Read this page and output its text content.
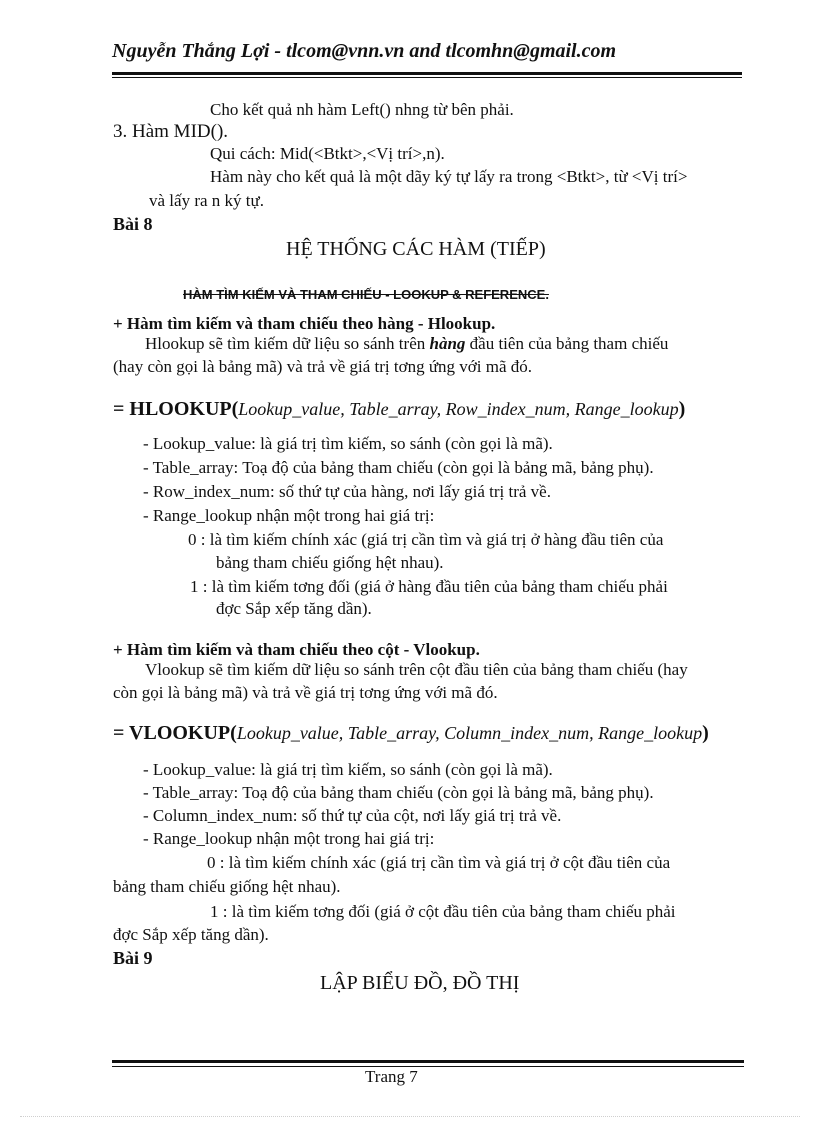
Nguyễn Thắng Lợi - tlcom@vnn.vn and tlcomhn@gmail.com
Cho kết quả nh hàm Left() nhng từ bên phải.
3. Hàm MID().
Qui cách: Mid(<Btkt>,<Vị trí>,n).
Hàm này cho kết quả là một dãy ký tự lấy ra trong <Btkt>, từ <Vị trí>
và lấy ra n ký tự.
Bài 8
HỆ THỐNG CÁC HÀM (TIẾP)
HÀM TÌM KIẾM VÀ THAM CHIẾU - LOOKUP & REFERENCE.
+ Hàm tìm kiếm và tham chiếu theo hàng - Hlookup.
Hlookup sẽ tìm kiếm dữ liệu so sánh trên hàng đầu tiên của bảng tham chiếu
(hay còn gọi là bảng mã) và trả về giá trị tơng ứng với mã đó.
= HLOOKUP(Lookup_value, Table_array, Row_index_num, Range_lookup)
- Lookup_value: là giá trị tìm kiếm, so sánh (còn gọi là mã).
- Table_array: Toạ độ của bảng tham chiếu (còn gọi là bảng mã, bảng phụ).
- Row_index_num: số thứ tự của hàng, nơi lấy giá trị trả về.
- Range_lookup nhận một trong hai giá trị:
0 : là tìm kiếm chính xác (giá trị cần tìm và giá trị ở hàng đầu tiên của
bảng tham chiếu giống hệt nhau).
1 : là tìm kiếm tơng đối (giá ở hàng đầu tiên của bảng tham chiếu phải
đợc Sắp xếp tăng dần).
+ Hàm tìm kiếm và tham chiếu theo cột - Vlookup.
Vlookup sẽ tìm kiếm dữ liệu so sánh trên cột đầu tiên của bảng tham chiếu (hay
còn gọi là bảng mã) và trả về giá trị tơng ứng với mã đó.
= VLOOKUP(Lookup_value, Table_array, Column_index_num, Range_lookup)
- Lookup_value: là giá trị tìm kiếm, so sánh (còn gọi là mã).
- Table_array: Toạ độ của bảng tham chiếu (còn gọi là bảng mã, bảng phụ).
- Column_index_num: số thứ tự của cột, nơi lấy giá trị trả về.
- Range_lookup nhận một trong hai giá trị:
0 : là tìm kiếm chính xác (giá trị cần tìm và giá trị ở cột đầu tiên của
bảng tham chiếu giống hệt nhau).
1 : là tìm kiếm tơng đối (giá ở cột đầu tiên của bảng tham chiếu phải
đợc Sắp xếp tăng dần).
Bài 9
LẬP BIỂU ĐỒ, ĐỒ THỊ
Trang 7
